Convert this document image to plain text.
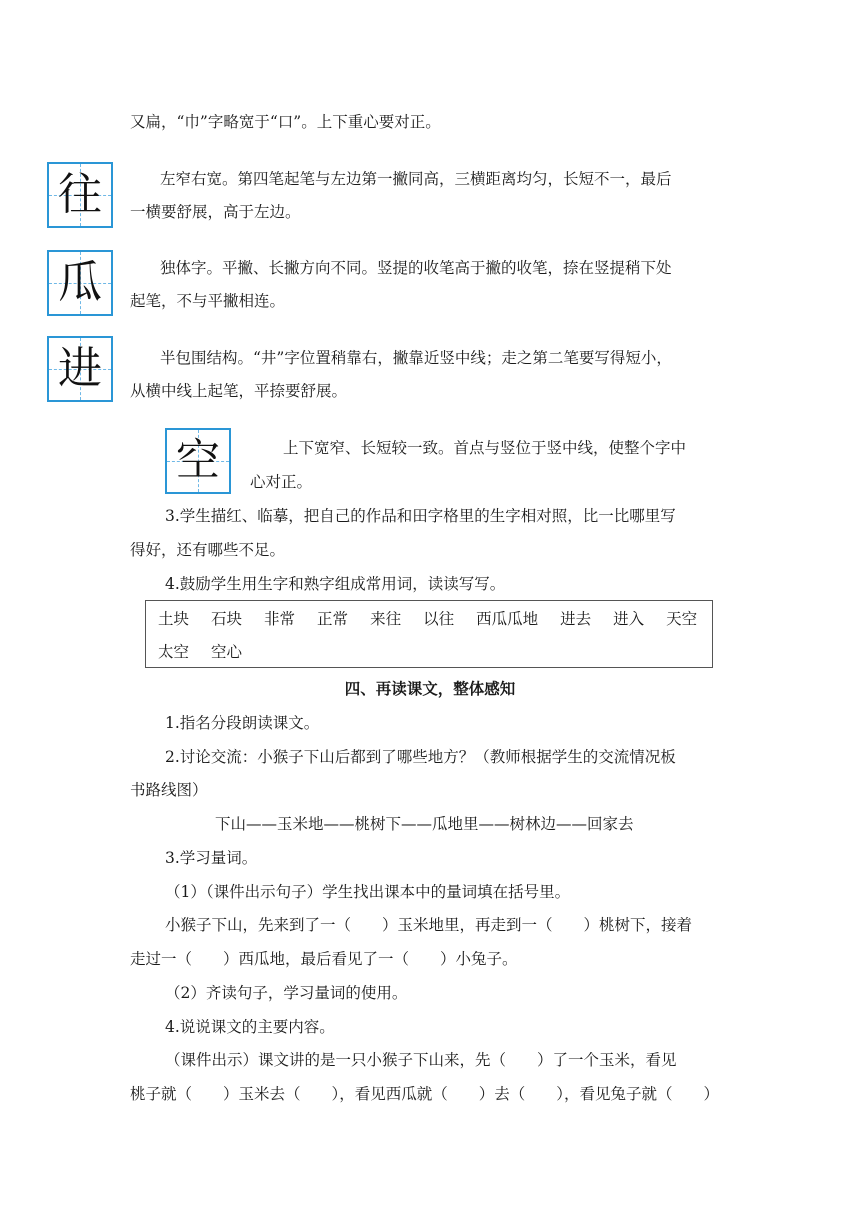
又扁，“巾”字略宽于“口”。上下重心要对正。
往	左窄右宽。第四笔起笔与左边第一撇同高，三横距离均匀，长短不一，最后
一横要舒展，高于左边。
瓜	独体字。平撇、长撇方向不同。竖提的收笔高于撇的收笔，捺在竖提稍下处
起笔，不与平撇相连。
进	半包围结构。“井”字位置稍靠右，撇靠近竖中线；走之第二笔要写得短小，
从横中线上起笔，平捺要舒展。
空	上下宽窄、长短较一致。首点与竖位于竖中线，使整个字中
心对正。
3.学生描红、临摹，把自己的作品和田字格里的生字相对照，比一比哪里写
得好，还有哪些不足。
4.鼓励学生用生字和熟字组成常用词，读读写写。
土块 石块 非常 正常 来往 以往 西瓜瓜地 进去 进入 天空
太空 空心
四、再读课文，整体感知
1.指名分段朗读课文。
2.讨论交流：小猴子下山后都到了哪些地方？（教师根据学生的交流情况板
书路线图）
下山——玉米地——桃树下——瓜地里——树林边——回家去
3.学习量词。
（1）（课件出示句子）学生找出课本中的量词填在括号里。
小猴子下山，先来到了一（　　）玉米地里，再走到一（　　）桃树下，接着
走过一（　　）西瓜地，最后看见了一（　　）小兔子。
（2）齐读句子，学习量词的使用。
4.说说课文的主要内容。
（课件出示）课文讲的是一只小猴子下山来，先（　　）了一个玉米，看见
桃子就（　　）玉米去（　　），看见西瓜就（　　）去（　　），看见兔子就（　　）
